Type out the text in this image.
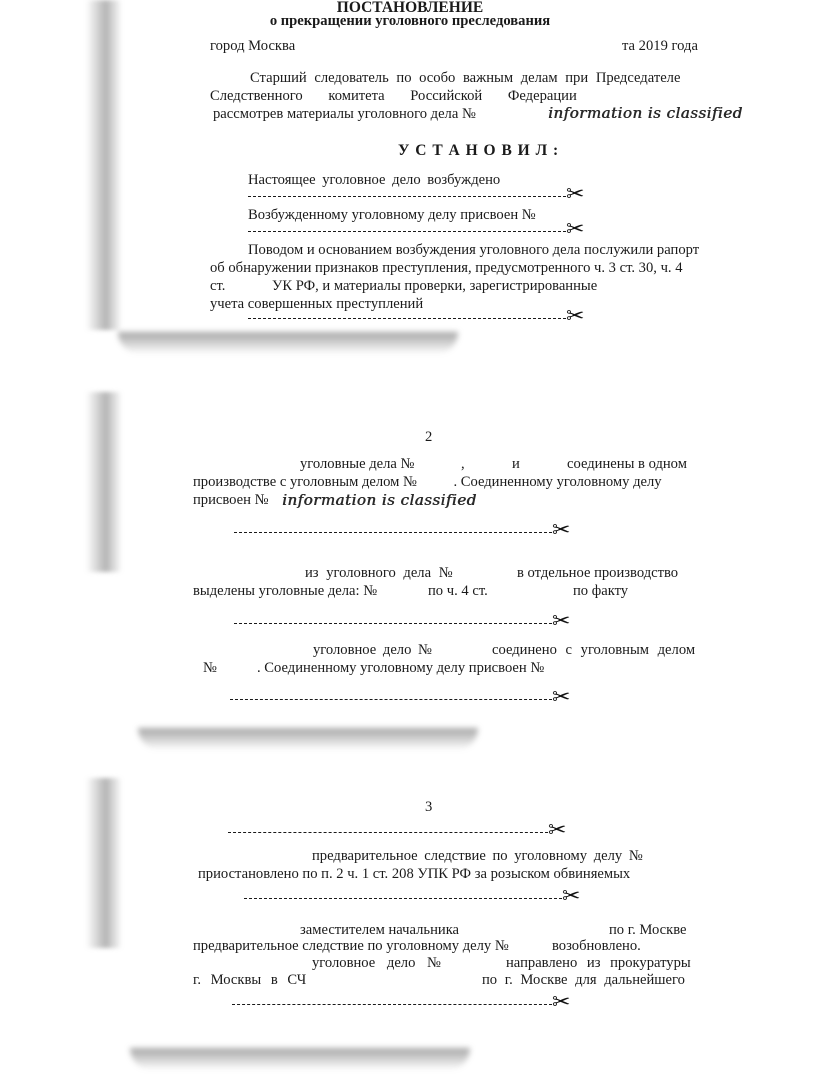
ПОСТАНОВЛЕНИЕ
о прекращении уголовного преследования
город Москва	та 2019 года
Старший следователь по особо важным делам при Председателе
Следственного комитета Российской Федерации
рассмотрев материалы уголовного дела №	information is classified
У С Т А Н О В И Л :
Настоящее уголовное дело возбуждено
✂
Возбужденному уголовному делу присвоен №
✂
Поводом и основанием возбуждения уголовного дела послужили рапорт
об обнаружении признаков преступления, предусмотренного ч. 3 ст. 30, ч. 4
ст.	УК РФ, и материалы проверки, зарегистрированные
учета совершенных преступлений	✂
2
уголовные дела №	,	и	соединены в одном
производстве с уголовным делом №          . Соединенному уголовному делу
присвоен № information is classified
✂
из уголовного дела №	в отдельное производство
выделены уголовные дела: №	по ч. 4 ст.	по факту
✂
уголовное дело №	соединено с уголовным делом
№	. Соединенному уголовному делу присвоен №
✂
3
✂
предварительное следствие по уголовному делу №
приостановлено по п. 2 ч. 1 ст. 208 УПК РФ за розыском обвиняемых
✂
заместителем начальника	по г. Москве
предварительное следствие по уголовному делу №	возобновлено.
уголовное дело №	направлено из прокуратуры
г. Москвы в СЧ	по г. Москве для дальнейшего
✂
